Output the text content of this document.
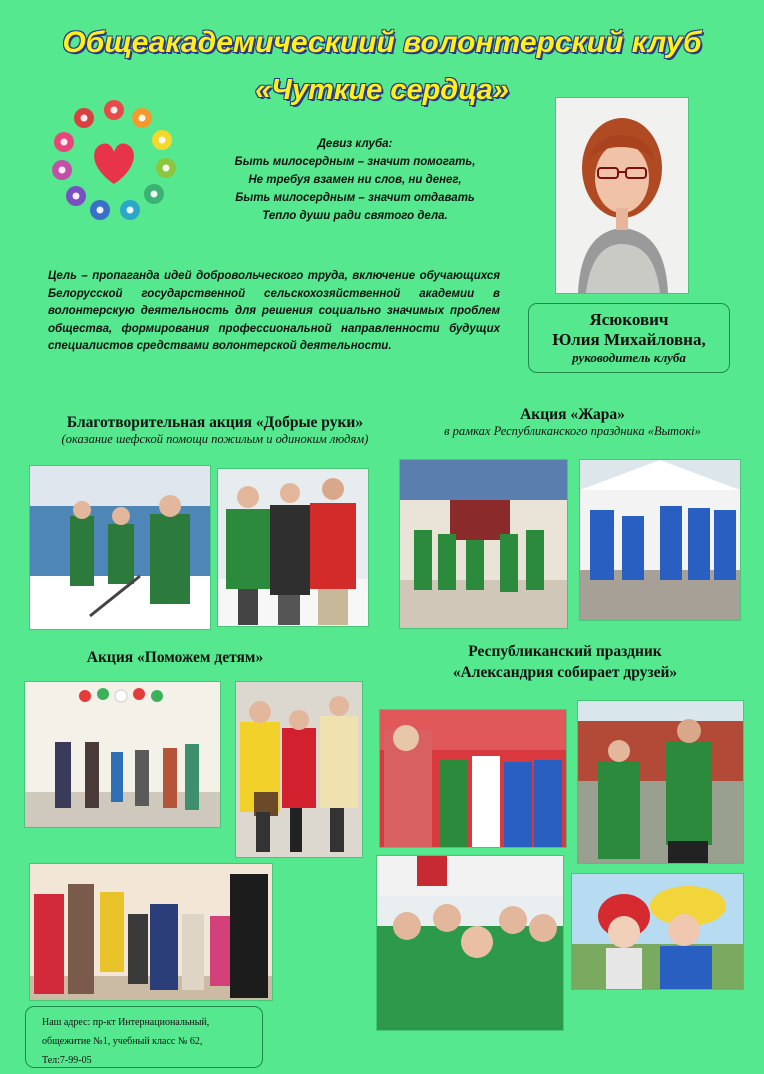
Общеакадемическиий волонтерский клуб
«Чуткие сердца»
Девиз клуба:
Быть милосердным – значит помогать,
Не требуя взамен ни слов, ни денег,
Быть милосердным – значит отдавать
Тепло души ради святого дела.
Цель – пропаганда идей добровольческого труда, включение обучающихся Белорусской государственной сельскохозяйственной академии в волонтерскую деятельность для решения социально значимых проблем общества, формирования профессиональной направленности будущих специалистов средствами волонтерской деятельности.
Ясюкович
Юлия Михайловна,
руководитель клуба
Благотворительная акция «Добрые руки»
(оказание шефской помощи пожилым и одиноким людям)
Акция «Жара»
в рамках Республиканского праздника «Вытокі»
Акция «Поможем детям»	Республиканский праздник
«Александрия собирает друзей»
Наш адрес: пр-кт Интернациональный,
общежитие №1, учебный класс № 62,
Тел:7-99-05
